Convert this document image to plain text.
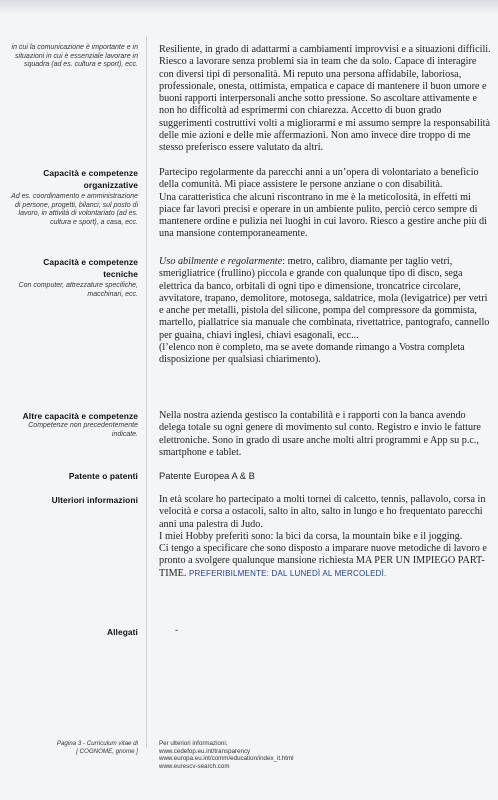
in cui la comunicazione è importante e in situazioni in cui è essenziale lavorare in squadra (ad es. cultura e sport), ecc.

Resiliente, in grado di adattarmi a cambiamenti improvvisi e a situazioni difficili. Riesco a lavorare senza problemi sia in team che da solo. Capace di interagire con diversi tipi di personalità. Mi reputo una persona affidabile, laboriosa, professionale, onesta, ottimista, empatica e capace di mantenere il buon umore e buoni rapporti interpersonali anche sotto pressione. So ascoltare attivamente e non ho difficoltà ad esprimermi con chiarezza. Accetto di buon grado suggerimenti costruttivi volti a migliorarmi e mi assumo sempre la responsabilità delle mie azioni e delle mie affermazioni. Non amo invece dire troppo di me stesso preferisco essere valutato da altri.

Capacità e competenze
organizzative
Ad es. coordinamento e amministrazione di persone, progetti, bilanci; sul posto di lavoro, in attività di volontariato (ad es. cultura e sport), a casa, ecc.

Partecipo regolarmente da parecchi anni a un’opera di volontariato a beneficio della comunità. Mi piace assistere le persone anziane o con disabilità.

Una caratteristica che alcuni riscontrano in me è la meticolosità, in effetti mi piace far lavori precisi e operare in un ambiente pulito, perciò cerco sempre di mantenere ordine e pulizia nei luoghi in cui lavoro. Riesco a gestire anche più di una mansione contemporaneamente.

Capacità e competenze
tecniche
Con computer, attrezzature specifiche, macchinari, ecc.

Uso abilmente e regolarmente: metro, calibro, diamante per taglio vetri, smerigliatrice (frullino) piccola e grande con qualunque tipo di disco, sega elettrica da banco, orbitali di ogni tipo e dimensione, troncatrice circolare, avvitatore, trapano, demolitore, motosega, saldatrice, mola (levigatrice) per vetri e anche per metalli, pistola del silicone, pompa del compressore da gommista, martello, piallatrice sia manuale che combinata, rivettatrice, pantografo, cannello per guaina, chiavi inglesi, chiavi esagonali, ecc...

(l’elenco non è completo, ma se avete domande rimango a Vostra completa disposizione per qualsiasi chiarimento).

Altre capacità e competenze
Competenze non precedentemente indicate.

Nella nostra azienda gestisco la contabilità e i rapporti con la banca avendo delega totale su ogni genere di movimento sul conto. Registro e invio le fatture elettroniche. Sono in grado di usare anche molti altri programmi e App su p.c., smartphone e tablet.

Patente o patenti Patente Europea A & B
Ulteriori informazioni In età scolare ho partecipato a molti tornei di calcetto, tennis, pallavolo, corsa in velocità e corsa a ostacoli, salto in alto, salto in lungo e ho frequentato parecchi anni una palestra di Judo.

I miei Hobby preferiti sono: la bici da corsa, la mountain bike e il jogging.

Ci tengo a specificare che sono disposto a imparare nuove metodiche di lavoro e pronto a svolgere qualunque mansione richiesta MA PER UN IMPIEGO PART-TIME. PREFERIBILMENTE: DAL LUNEDÌ AL MERCOLEDÌ.

Allegati	-
Pagina 3 - Curriculum vitae di
[ COGNOME, gnome ]
Per ulteriori informazioni:
www.cedefop.eu.int/transparency
www.europa.eu.int/comm/education/index_it.html
www.eurescv-search.com
